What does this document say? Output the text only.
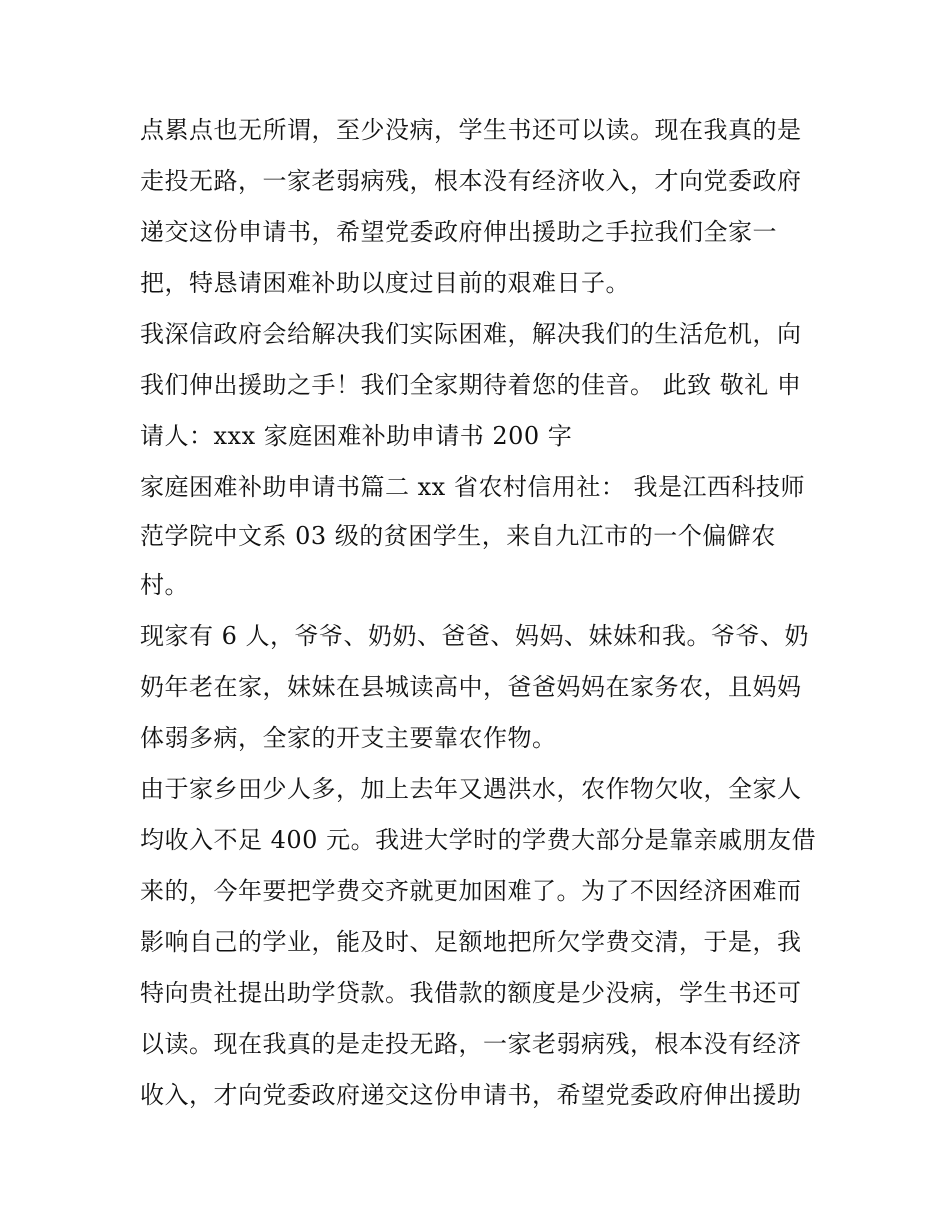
点累点也无所谓，至少没病，学生书还可以读。现在我真的是
走投无路，一家老弱病残，根本没有经济收入，才向党委政府
递交这份申请书，希望党委政府伸出援助之手拉我们全家一
把，特恳请困难补助以度过目前的艰难日子。
我深信政府会给解决我们实际困难，解决我们的生活危机，向
我们伸出援助之手！我们全家期待着您的佳音。 此致 敬礼 申
请人：xxx 家庭困难补助申请书 200 字
家庭困难补助申请书篇二 xx 省农村信用社： 我是江西科技师
范学院中文系 03 级的贫困学生，来自九江市的一个偏僻农
村。
现家有 6 人，爷爷、奶奶、爸爸、妈妈、妹妹和我。爷爷、奶
奶年老在家，妹妹在县城读高中，爸爸妈妈在家务农，且妈妈
体弱多病，全家的开支主要靠农作物。
由于家乡田少人多，加上去年又遇洪水，农作物欠收，全家人
均收入不足 400 元。我进大学时的学费大部分是靠亲戚朋友借
来的，今年要把学费交齐就更加困难了。为了不因经济困难而
影响自己的学业，能及时、足额地把所欠学费交清，于是，我
特向贵社提出助学贷款。我借款的额度是少没病，学生书还可
以读。现在我真的是走投无路，一家老弱病残，根本没有经济
收入，才向党委政府递交这份申请书，希望党委政府伸出援助
